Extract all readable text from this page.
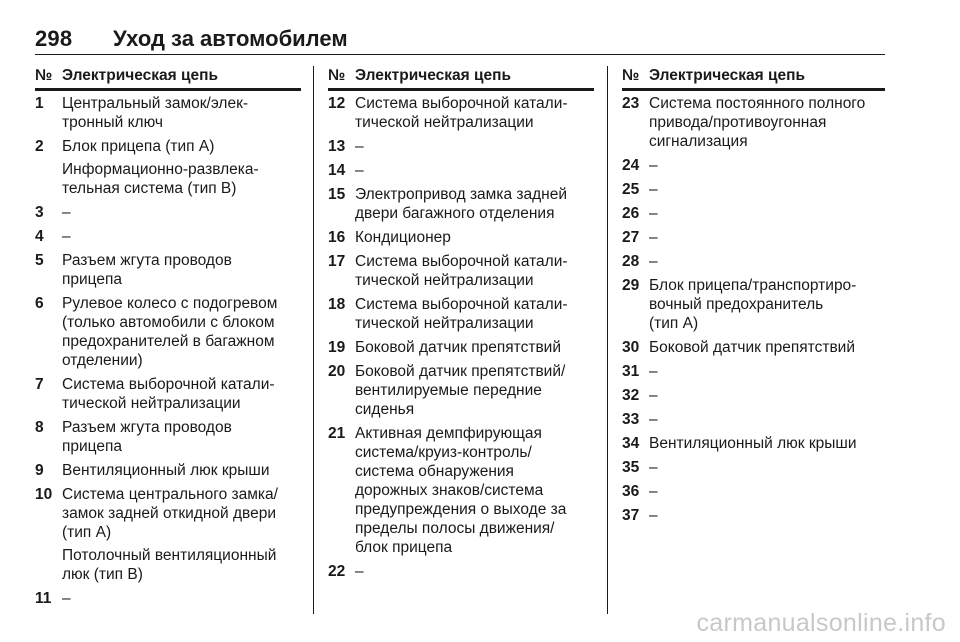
298 Уход за автомобилем
№ Электрическая цепь
1	Центральный замок/элек-
тронный ключ
2	Блок прицепа (тип A)
Информационно-развлека-
тельная система (тип B)
3	–
4	–
5	Разъем жгута проводов
прицепа
6	Рулевое колесо с подогревом
(только автомобили с блоком
предохранителей в багажном
отделении)
7	Система выборочной катали-
тической нейтрализации
8	Разъем жгута проводов
прицепа
9	Вентиляционный люк крыши
10 Система центрального замка/
замок задней откидной двери
(тип A)
Потолочный вентиляционный
люк (тип B)
11 –
№ Электрическая цепь
12 Система выборочной катали-
тической нейтрализации
13 –
14 –
15 Электропривод замка задней
двери багажного отделения
16 Кондиционер
17 Система выборочной катали-
тической нейтрализации
18 Система выборочной катали-
тической нейтрализации
19 Боковой датчик препятствий
20 Боковой датчик препятствий/
вентилируемые передние
сиденья
21 Активная демпфирующая
система/круиз-контроль/
система обнаружения
дорожных знаков/система
предупреждения о выходе за
пределы полосы движения/
блок прицепа
22 –
№ Электрическая цепь
23 Система постоянного полного
привода/противоугонная
сигнализация
24 –
25 –
26 –
27 –
28 –
29 Блок прицепа/транспортиро-
вочный предохранитель
(тип A)
30 Боковой датчик препятствий
31 –
32 –
33 –
34 Вентиляционный люк крыши
35 –
36 –
37 –
carmanualsonline.info
